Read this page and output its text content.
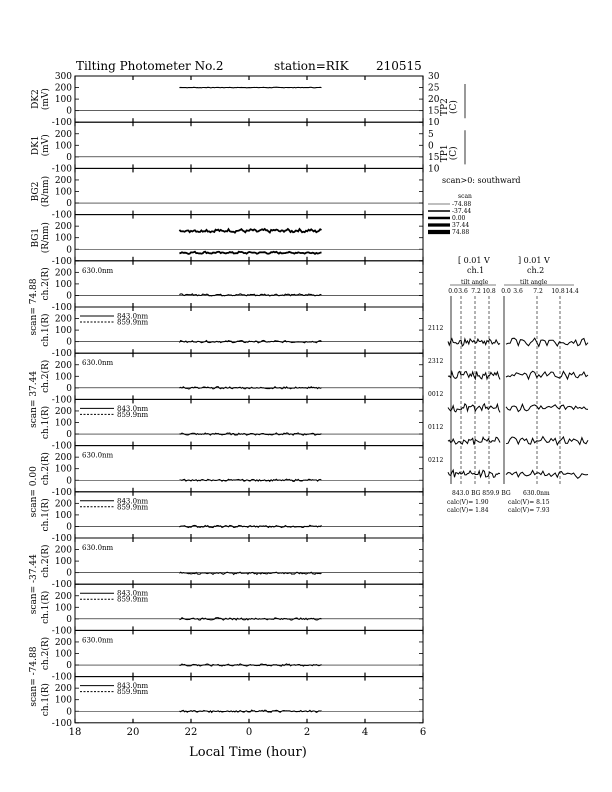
Tilting Photometer No.2	station=RIK 210515
300
200
100
0
-100
DK2(mV)
30
25
20
15
10
TP2(C)
200
100
0
-100
DK1(mV)	5
0
15
10
TP1(C)
200
100
0
-100
BG2(R/nm)
200
100
0
-100
BG1(R/nm)
200
100
0
-100
ch.2(R)
scan= 74.88
630.0nm
200
100
0
-100
ch.1(R)	843.0nm
859.9nm
200
100
0
-100
ch.2(R)
scan= 37.44
630.0nm
200
100
0
-100
ch.1(R)	843.0nm
859.9nm
200
100
0
-100
ch.2(R)
scan= 0.00
630.0nm
200
100
0
-100
ch.1(R)	843.0nm
859.9nm
200
100
0
-100
ch.2(R)
scan= -37.44
630.0nm
200
100
0
-100
ch.1(R)	843.0nm
859.9nm
200
100
0
-100
ch.2(R)
scan= -74.88
630.0nm
200
100
0
-100
ch.1(R)	843.0nm
859.9nm
18	20	22	0	2	4	6
Local Time (hour)
scan>0: southward
scan
-74.88
-37.44
0.00
37.44
74.88
[ 0.01 V
ch.1
] 0.01 V
ch.2
tilt angle	tilt angle
0.0 3.6 7.2 10.8 0.0 3.6 7.2 10.8 14.4
2112
2312
0012
0112
0212
843.0 BG 859.9 BG 630.0nm
calc(V)= 1.90
calc(V)= 1.84
calc(V)= 8.15
calc(V)= 7.93
